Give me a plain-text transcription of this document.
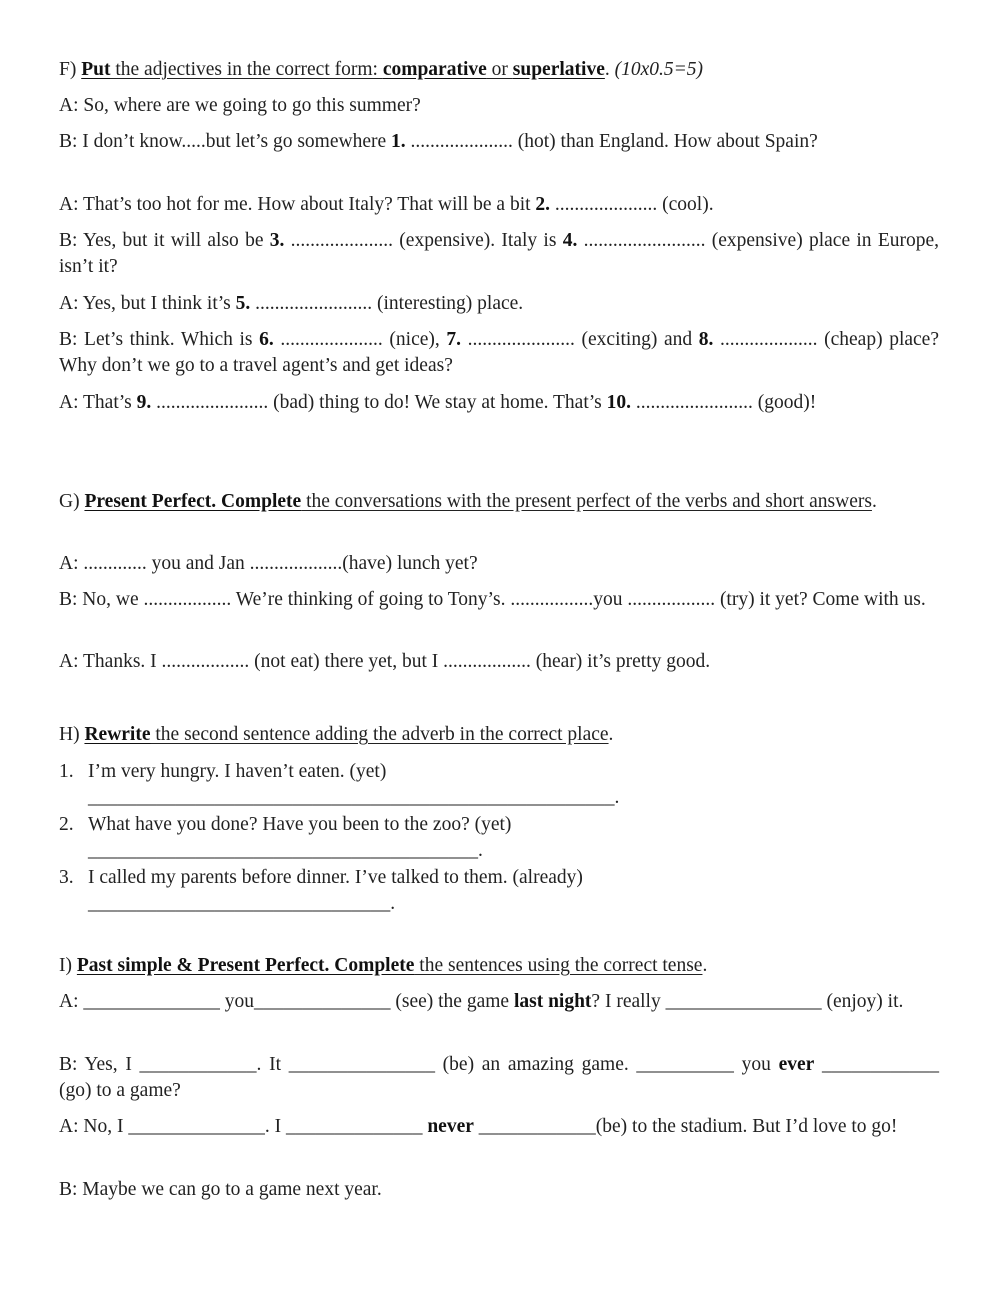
F) Put the adjectives in the correct form: comparative or superlative. (10x0.5=5)
A: So, where are we going to go this summer?
B: I don’t know.....but let’s go somewhere 1. ..................... (hot) than England. How about Spain?
A: That’s too hot for me. How about Italy? That will be a bit 2. ..................... (cool).
B: Yes, but it will also be 3. ..................... (expensive). Italy is 4. ......................... (expensive) place in Europe, isn’t it?
A: Yes, but I think it’s 5. ........................ (interesting) place.
B: Let’s think. Which is 6. ..................... (nice), 7. ...................... (exciting) and 8. .................... (cheap) place? Why don’t we go to a travel agent’s and get ideas?
A: That’s 9. ....................... (bad) thing to do! We stay at home. That’s 10. ........................ (good)!
G) Present Perfect. Complete the conversations with the present perfect of the verbs and short answers.
A: ............. you and Jan ...................(have) lunch yet?
B: No, we .................. We’re thinking of going to Tony’s. .................you .................. (try) it yet? Come with us.
A: Thanks. I .................. (not eat) there yet, but I .................. (hear) it’s pretty good.
H) Rewrite the second sentence adding the adverb in the correct place.
1. I’m very hungry. I haven’t eaten. (yet)
______________________________________________________.
2. What have you done? Have you been to the zoo? (yet)
________________________________________.
3. I called my parents before dinner. I’ve talked to them. (already)
_______________________________.
I) Past simple & Present Perfect. Complete the sentences using the correct tense.
A: ______________ you______________ (see) the game last night? I really ________________ (enjoy) it.
B: Yes, I ____________. It _______________ (be) an amazing game. __________ you ever ____________ (go) to a game?
A: No, I ______________. I ______________ never ____________(be) to the stadium. But I’d love to go!
B: Maybe we can go to a game next year.
